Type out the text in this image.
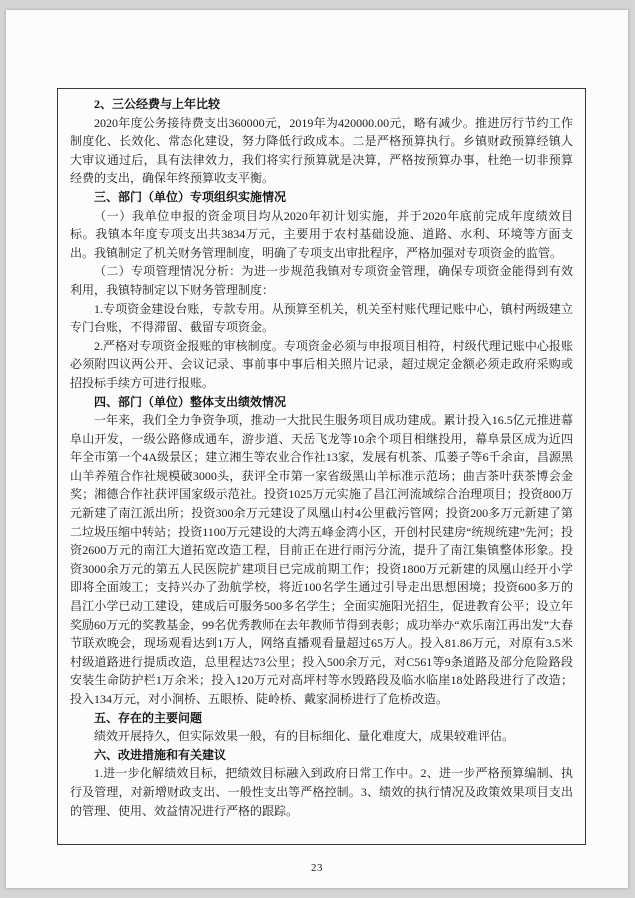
2、三公经费与上年比较

2020年度公务接待费支出360000元，2019年为420000.00元，略有减少。推进厉行节约工作制度化、长效化、常态化建设，努力降低行政成本。二是严格预算执行。乡镇财政预算经镇人大审议通过后，具有法律效力，我们将实行预算就是决算，严格按预算办事，杜绝一切非预算经费的支出，确保年终预算收支平衡。

三、部门（单位）专项组织实施情况

（一）我单位申报的资金项目均从2020年初计划实施，并于2020年底前完成年度绩效目标。我镇本年度专项支出共3834万元，主要用于农村基础设施、道路、水利、环境等方面支出。我镇制定了机关财务管理制度，明确了专项支出审批程序，严格加强对专项资金的监管。

（二）专项管理情况分析：为进一步规范我镇对专项资金管理，确保专项资金能得到有效利用，我镇特制定以下财务管理制度：

1.专项资金建设台账，专款专用。从预算至机关，机关至村账代理记账中心，镇村两级建立专门台账，不得滞留、截留专项资金。

2.严格对专项资金报账的审核制度。专项资金必须与申报项目相符，村级代理记账中心报账必须附四议两公开、会议记录、事前事中事后相关照片记录，超过规定金额必须走政府采购或招投标手续方可进行报账。

四、部门（单位）整体支出绩效情况

一年来，我们全力争资争项，推动一大批民生服务项目成功建成。累计投入16.5亿元推进幕阜山开发，一级公路修成通车，游步道、天岳飞龙等10余个项目相继投用，幕阜景区成为近四年全市第一个4A级景区；建立湘生等农业合作社13家，发展有机茶、瓜蒌子等6千余亩，昌源黑山羊养殖合作社规模破3000头，获评全市第一家省级黑山羊标准示范场；曲吉茶叶获茶博会金奖；湘德合作社获评国家级示范社。投资1025万元实施了昌江河流域综合治理项目；投资800万元新建了南江派出所；投资300余万元建设了凤凰山村4公里截污管网；投资200多万元新建了第二垃圾压缩中转站；投资1100万元建设的大湾五峰金湾小区，开创村民建房“统规统建”先河；投资2600万元的南江大道拓宽改造工程，目前正在进行雨污分流，提升了南江集镇整体形象。投资3000余万元的第五人民医院扩建项目已完成前期工作；投资1800万元新建的凤凰山经开小学即将全面竣工；支持兴办了劲航学校，将近100名学生通过引导走出思想困境；投资600多万的昌江小学已动工建设，建成后可服务500多名学生；全面实施阳光招生，促进教育公平；设立年奖励60万元的奖教基金，99名优秀教师在去年教师节得到表彰；成功举办“欢乐南江再出发”大春节联欢晚会，现场观看达到1万人，网络直播观看量超过65万人。投入81.86万元，对原有3.5米村级道路进行提质改造，总里程达73公里；投入500余万元，对C561等9条道路及部分危险路段安装生命防护栏1万余米；投入120万元对高坪村等水毁路段及临水临崖18处路段进行了改造；投入134万元，对小涧桥、五眼桥、陡岭桥、戴家洞桥进行了危桥改造。

五、存在的主要问题

绩效开展持久，但实际效果一般，有的目标细化、量化难度大，成果较难评估。

六、改进措施和有关建议

1.进一步化解绩效目标，把绩效目标融入到政府日常工作中。2、进一步严格预算编制、执行及管理，对新增财政支出、一般性支出等严格控制。3、绩效的执行情况及政策效果项目支出的管理、使用、效益情况进行严格的跟踪。

23
